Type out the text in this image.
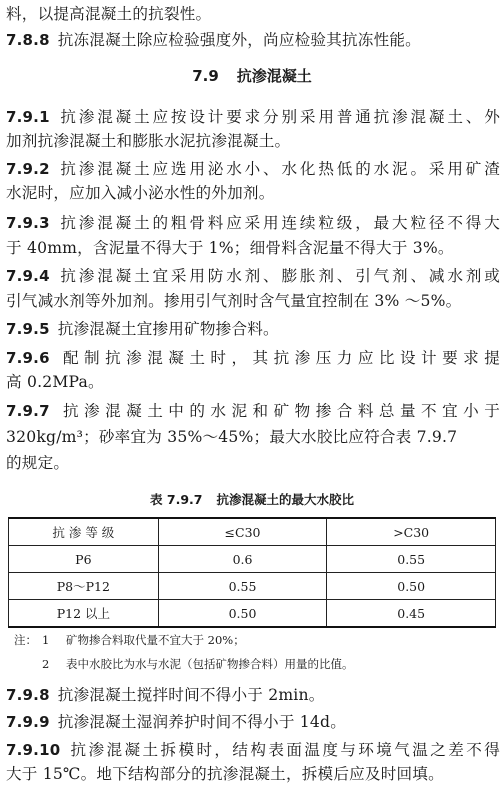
料，以提高混凝土的抗裂性。
7.8.8 抗冻混凝土除应检验强度外，尚应检验其抗冻性能。
7.9 抗渗混凝土
7.9.1 抗渗混凝土应按设计要求分别采用普通抗渗混凝土、外
加剂抗渗混凝土和膨胀水泥抗渗混凝土。
7.9.2 抗渗混凝土应选用泌水小、水化热低的水泥。采用矿渣
水泥时，应加入减小泌水性的外加剂。
7.9.3 抗渗混凝土的粗骨料应采用连续粒级，最大粒径不得大
于 40mm，含泥量不得大于 1%；细骨料含泥量不得大于 3%。
7.9.4 抗渗混凝土宜采用防水剂、膨胀剂、引气剂、减水剂或
引气减水剂等外加剂。掺用引气剂时含气量宜控制在 3% ～5%。
7.9.5 抗渗混凝土宜掺用矿物掺合料。
7.9.6 配制抗渗混凝土时，其抗渗压力应比设计要求提
高 0.2MPa。
7.9.7 抗渗混凝土中的水泥和矿物掺合料总量不宜小于
320kg/m³；砂率宜为 35%～45%；最大水胶比应符合表 7.9.7
的规定。
表 7.9.7 抗渗混凝土的最大水胶比
抗 渗 等 级	≤C30	>C30
P6	0.6	0.55
P8～P12	0.55	0.50
P12 以上	0.50	0.45
注： 1 矿物掺合料取代量不宜大于 20%；
2 表中水胶比为水与水泥（包括矿物掺合料）用量的比值。
7.9.8 抗渗混凝土搅拌时间不得小于 2min。
7.9.9 抗渗混凝土湿润养护时间不得小于 14d。
7.9.10 抗渗混凝土拆模时，结构表面温度与环境气温之差不得
大于 15℃。地下结构部分的抗渗混凝土，拆模后应及时回填。
